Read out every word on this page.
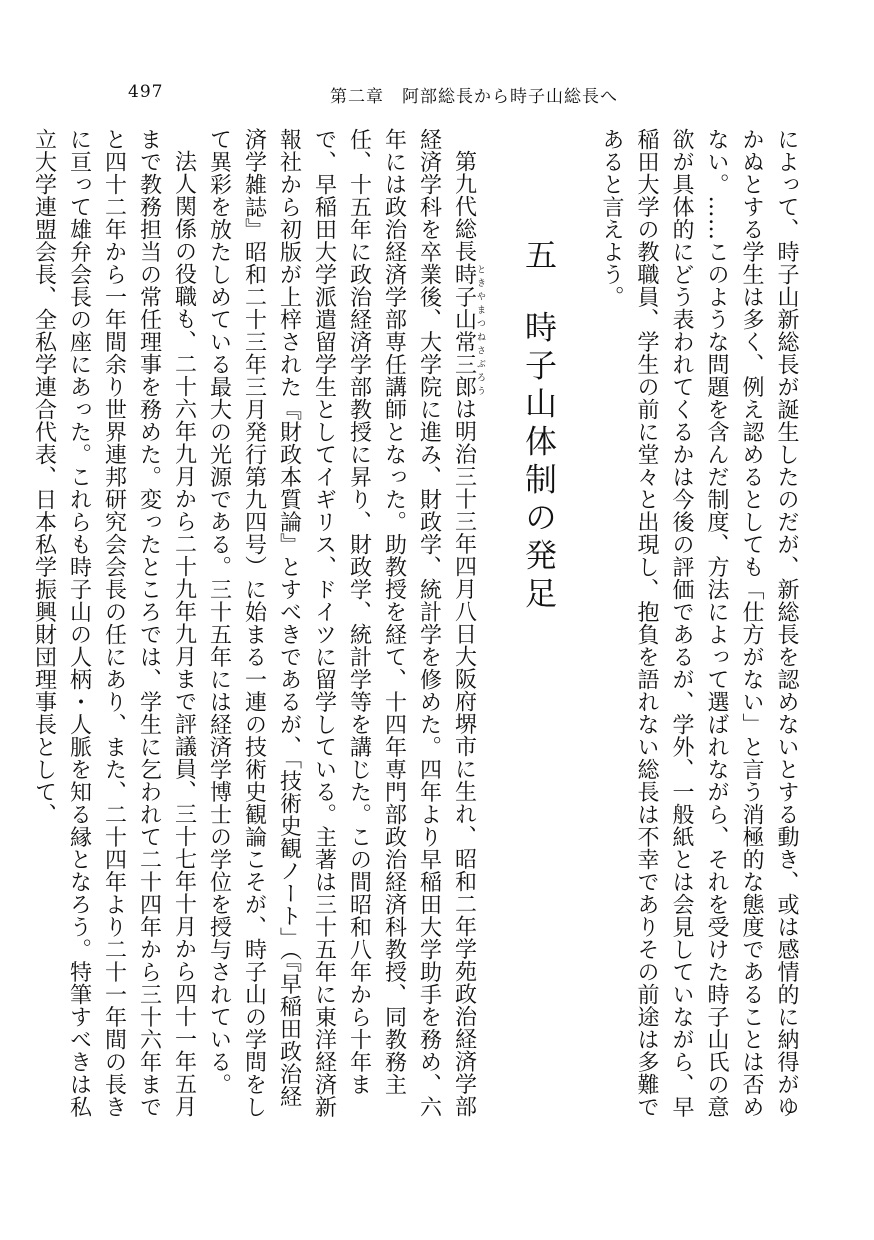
497	第二章　阿部総長から時子山総長へ

によって、時子山新総長が誕生したのだが、新総長を認めないとする動き、或は感情的に納得がゆかぬとする学生は多く、例え認めるとしても「仕方がない」と言う消極的な態度であることは否めない。……このような問題を含んだ制度、方法によって選ばれながら、それを受けた時子山氏の意欲が具体的にどう表われてくるかは今後の評価であるが、学外、一般紙とは会見していながら、早稲田大学の教職員、学生の前に堂々と出現し、抱負を語れない総長は不幸でありその前途は多難であると言えよう。

五 時子山体制の発足

第九代総長時子山常三郎ときやまつねさぶろうは明治三十三年四月八日大阪府堺市に生れ、昭和二年学苑政治経済学部経済学科を卒業後、大学院に進み、財政学、統計学を修めた。四年より早稲田大学助手を務め、六年には政治経済学部専任講師となった。助教授を経て、十四年専門部政治経済科教授、同教務主任、十五年に政治経済学部教授に昇り、財政学、統計学等を講じた。この間昭和八年から十年まで、早稲田大学派遣留学生としてイギリス、ドイツに留学している。主著は三十五年に東洋経済新報社から初版が上梓された『財政本質論』とすべきであるが、「技術史観ノート」（『早稲田政治経済学雑誌』昭和二十三年三月発行第九四号）に始まる一連の技術史観論こそが、時子山の学問をして異彩を放たしめている最大の光源である。三十五年には経済学博士の学位を授与されている。

法人関係の役職も、二十六年九月から二十九年九月まで評議員、三十七年十月から四十一年五月まで教務担当の常任理事を務めた。変ったところでは、学生に乞われて二十四年から三十六年までと四十二年から一年間余り世界連邦研究会会長の任にあり、また、二十四年より二十一年間の長きに亘って雄弁会長の座にあった。これらも時子山の人柄・人脈を知る縁となろう。特筆すべきは私立大学連盟会長、全私学連合代表、日本私学振興財団理事長として、
